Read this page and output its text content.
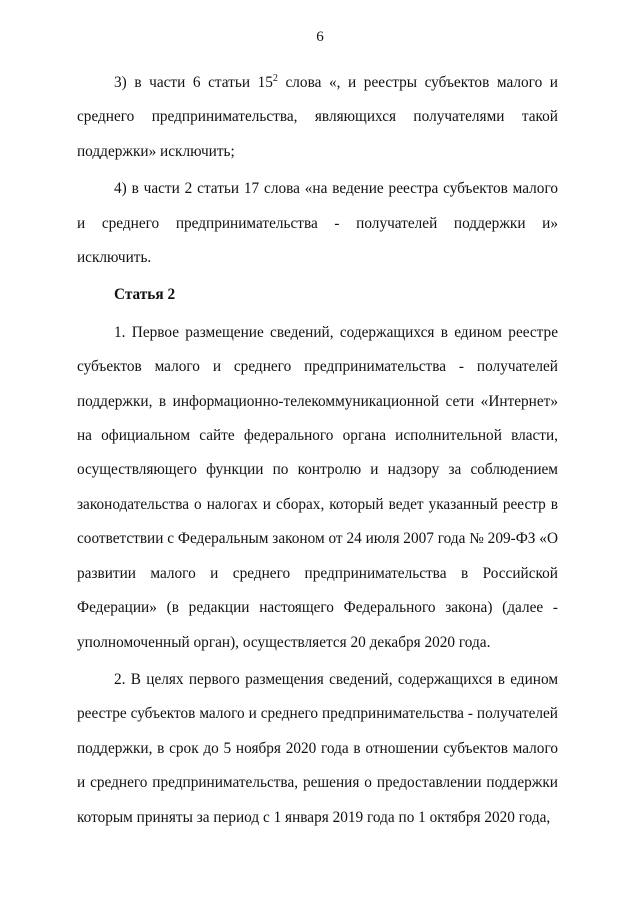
6

3) в части 6 статьи $15^2$ слова «, и реестры субъектов малого и среднего предпринимательства, являющихся получателями такой поддержки» исключить;

4) в части 2 статьи 17 слова «на ведение реестра субъектов малого и среднего предпринимательства - получателей поддержки и» исключить.

Статья 2

1. Первое размещение сведений, содержащихся в едином реестре субъектов малого и среднего предпринимательства - получателей поддержки, в информационно-телекоммуникационной сети «Интернет» на официальном сайте федерального органа исполнительной власти, осуществляющего функции по контролю и надзору за соблюдением законодательства о налогах и сборах, который ведет указанный реестр в соответствии с Федеральным законом от 24 июля 2007 года № 209-ФЗ «О развитии малого и среднего предпринимательства в Российской Федерации» (в редакции настоящего Федерального закона) (далее - уполномоченный орган), осуществляется 20 декабря 2020 года.

2. В целях первого размещения сведений, содержащихся в едином реестре субъектов малого и среднего предпринимательства - получателей поддержки, в срок до 5 ноября 2020 года в отношении субъектов малого и среднего предпринимательства, решения о предоставлении поддержки которым приняты за период с 1 января 2019 года по 1 октября 2020 года,
